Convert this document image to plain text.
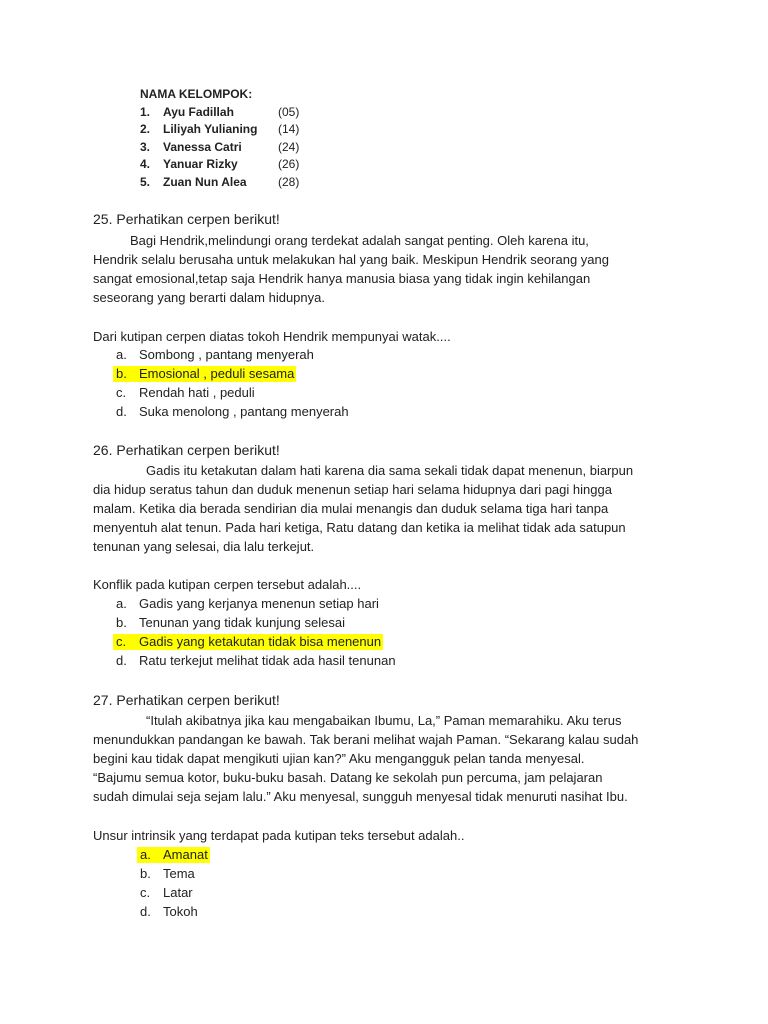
NAMA KELOMPOK:
1. Ayu Fadillah	(05)
2. Liliyah Yulianing (14)
3. Vanessa Catri	(24)
4. Yanuar Rizky	(26)
5. Zuan Nun Alea	(28)
25. Perhatikan cerpen berikut!
Bagi Hendrik,melindungi orang terdekat adalah sangat penting. Oleh karena itu,
Hendrik selalu berusaha untuk melakukan hal yang baik. Meskipun Hendrik seorang yang
sangat emosional,tetap saja Hendrik hanya manusia biasa yang tidak ingin kehilangan
seseorang yang berarti dalam hidupnya.
Dari kutipan cerpen diatas tokoh Hendrik mempunyai watak....
a. Sombong , pantang menyerah
b. Emosional , peduli sesama
c. Rendah hati , peduli
d. Suka menolong , pantang menyerah
26. Perhatikan cerpen berikut!
Gadis itu ketakutan dalam hati karena dia sama sekali tidak dapat menenun, biarpun
dia hidup seratus tahun dan duduk menenun setiap hari selama hidupnya dari pagi hingga
malam. Ketika dia berada sendirian dia mulai menangis dan duduk selama tiga hari tanpa
menyentuh alat tenun. Pada hari ketiga, Ratu datang dan ketika ia melihat tidak ada satupun
tenunan yang selesai, dia lalu terkejut.
Konflik pada kutipan cerpen tersebut adalah....
a. Gadis yang kerjanya menenun setiap hari
b. Tenunan yang tidak kunjung selesai
c. Gadis yang ketakutan tidak bisa menenun
d. Ratu terkejut melihat tidak ada hasil tenunan
27. Perhatikan cerpen berikut!
“Itulah akibatnya jika kau mengabaikan Ibumu, La,” Paman memarahiku. Aku terus
menundukkan pandangan ke bawah. Tak berani melihat wajah Paman. “Sekarang kalau sudah
begini kau tidak dapat mengikuti ujian kan?” Aku mengangguk pelan tanda menyesal.
“Bajumu semua kotor, buku-buku basah. Datang ke sekolah pun percuma, jam pelajaran
sudah dimulai seja sejam lalu.” Aku menyesal, sungguh menyesal tidak menuruti nasihat Ibu.
Unsur intrinsik yang terdapat pada kutipan teks tersebut adalah..
a. Amanat
b. Tema
c. Latar
d. Tokoh
